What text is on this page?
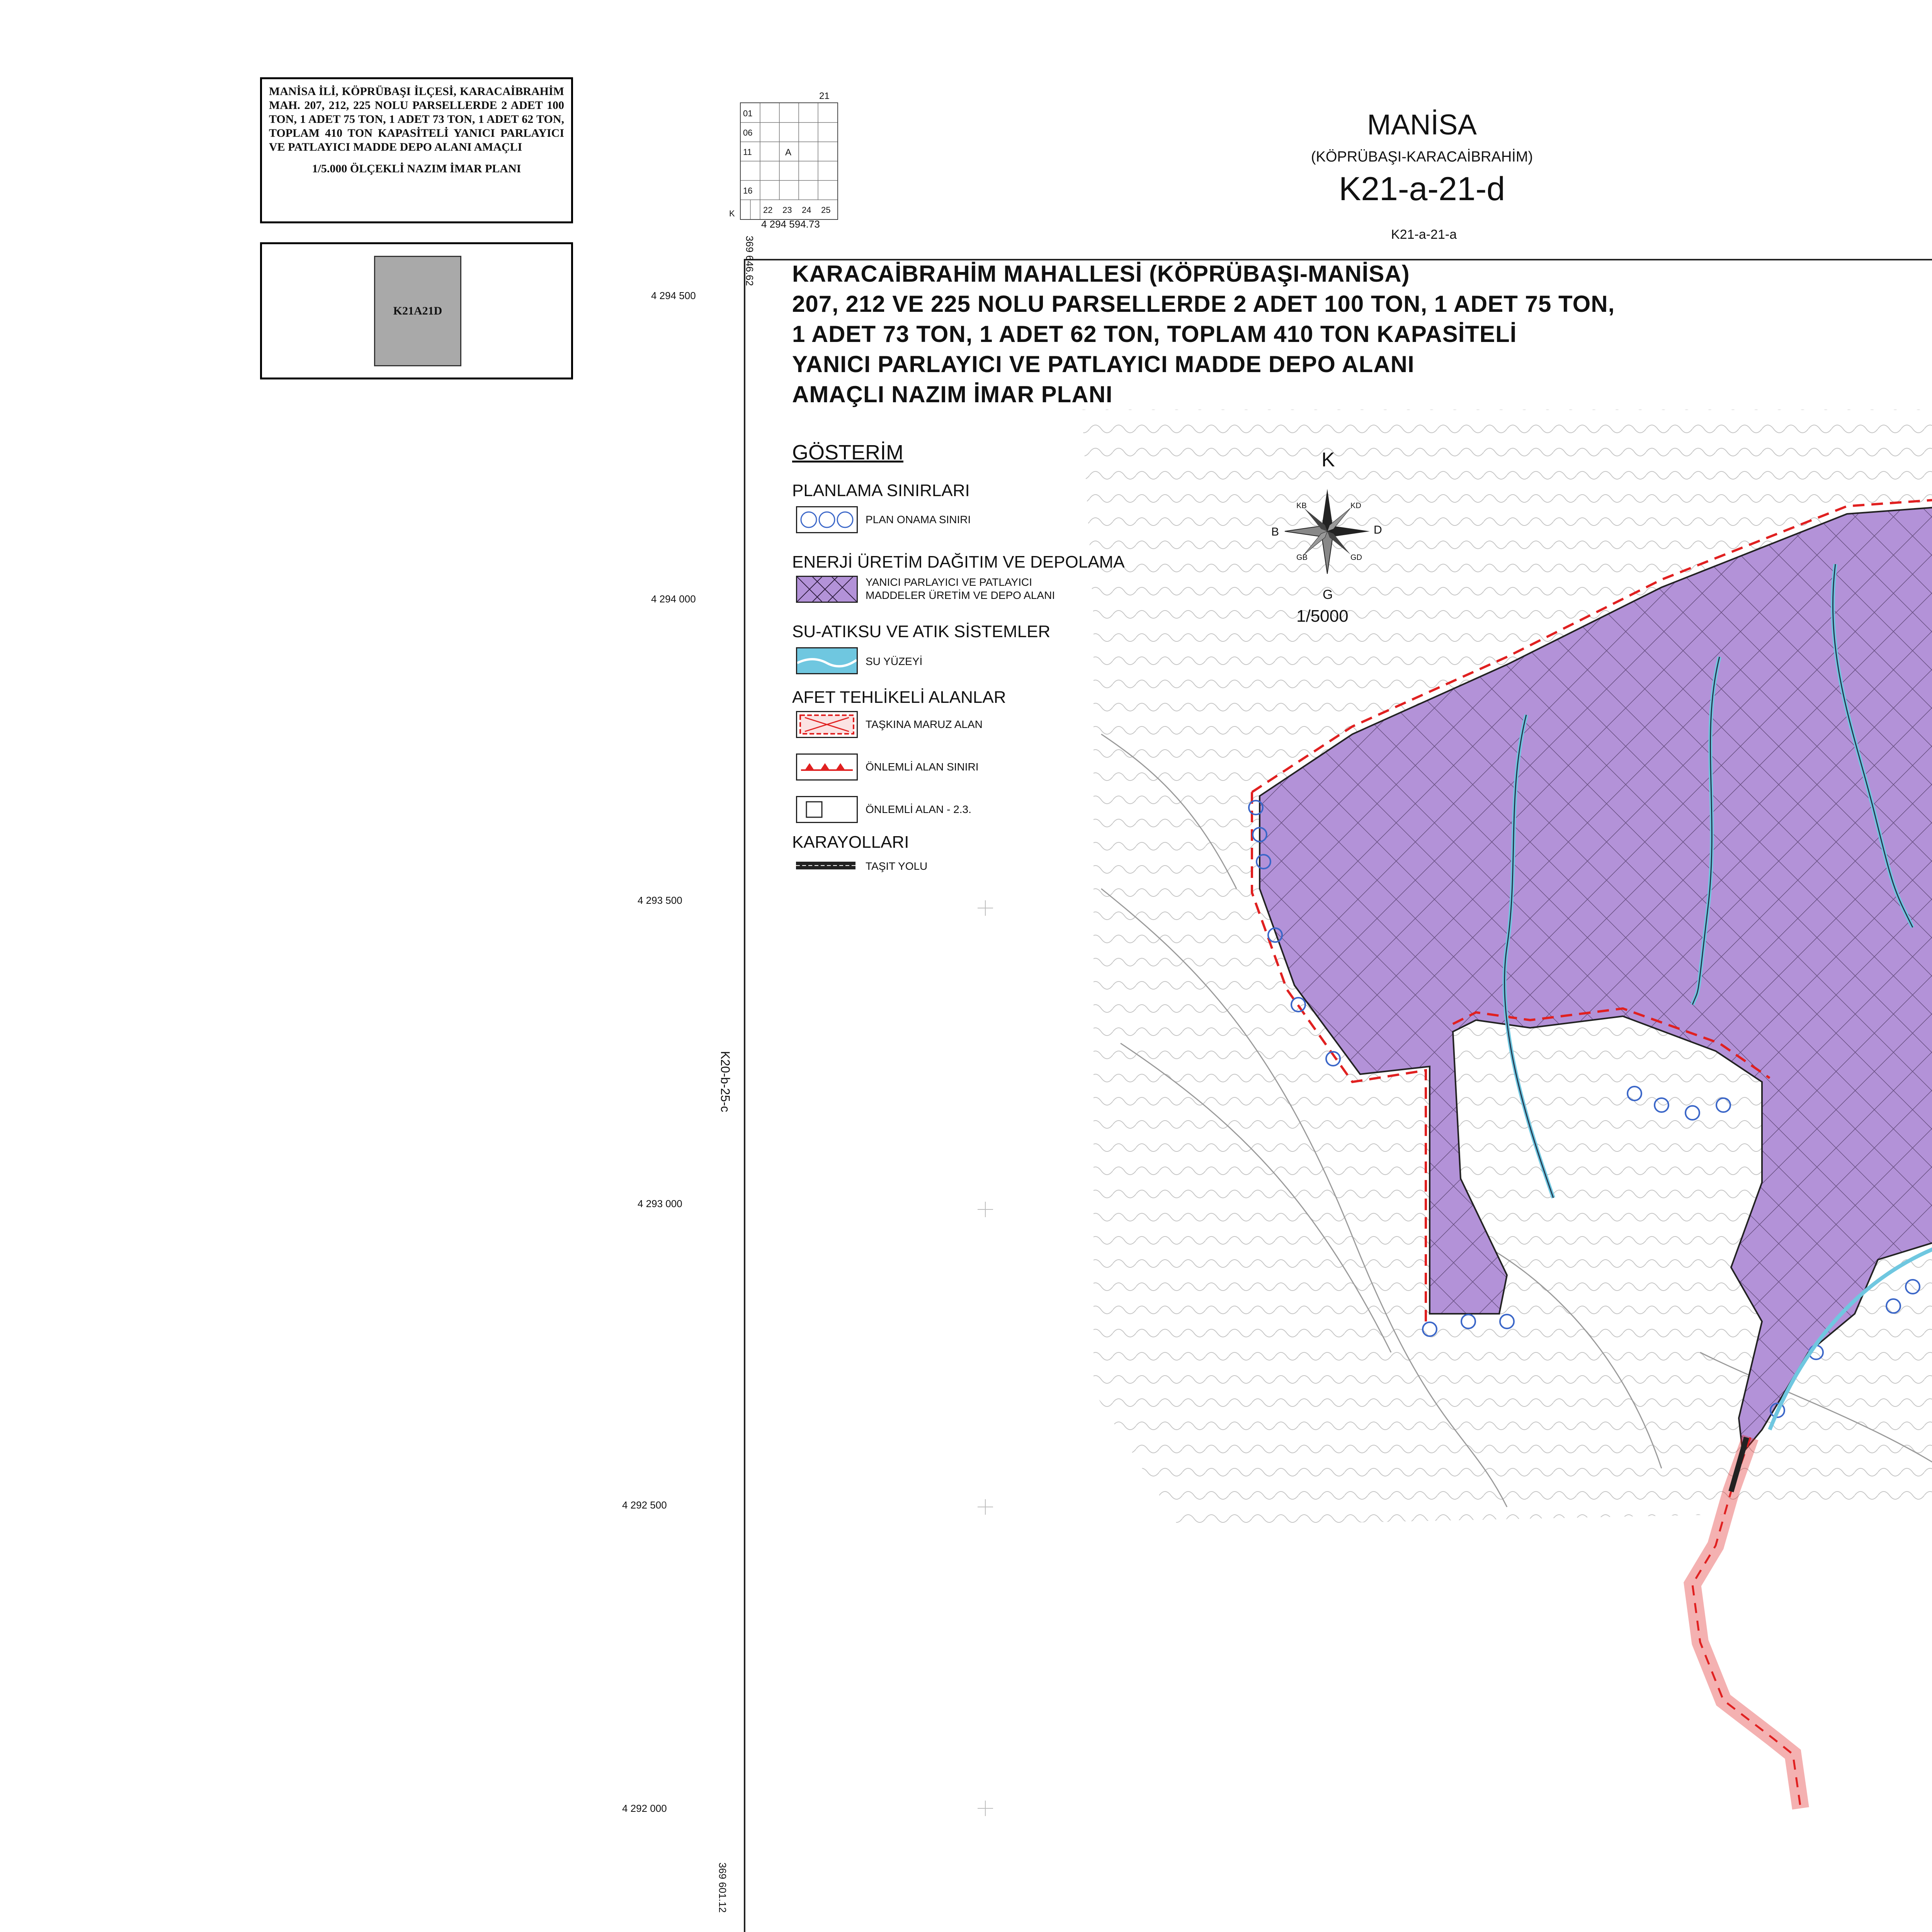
MANİSA İLİ, KÖPRÜBAŞI İLÇESİ, KARACAİBRAHİM MAH. 207, 212, 225 NOLU PARSELLERDE 2 ADET 100 TON, 1 ADET 75 TON, 1 ADET 73 TON, 1 ADET 62 TON, TOPLAM 410 TON KAPASİTELİ YANICI PARLAYICI VE PATLAYICI MADDE DEPO ALANI AMAÇLI
1/5.000 ÖLÇEKLİ NAZIM İMAR PLANI
K21A21D
21
01
06
11
16
A
22 23 24 25
K
MANİSA
(KÖPRÜBAŞI-KARACAİBRAHİM)
K21-a-21-d
K21-a-21-a
KARACAİBRAHİM MAHALLESİ (KÖPRÜBAŞI-MANİSA)
207, 212 VE 225 NOLU PARSELLERDE 2 ADET 100 TON, 1 ADET 75 TON,
1 ADET 73 TON, 1 ADET 62 TON, TOPLAM 410 TON KAPASİTELİ
YANICI PARLAYICI VE PATLAYICI MADDE DEPO ALANI
AMAÇLI NAZIM İMAR PLANI
GÖSTERİM
PLANLAMA SINIRLARI
PLAN ONAMA SINIRI
ENERJİ ÜRETİM DAĞITIM VE DEPOLAMA
YANICI PARLAYICI VE PATLAYICI
MADDELER ÜRETİM VE DEPO ALANI
SU-ATIKSU VE ATIK SİSTEMLER
SU YÜZEYİ
AFET TEHLİKELİ ALANLAR
TAŞKINA MARUZ ALAN
ÖNLEMLİ ALAN SINIRI
ÖNLEMLİ ALAN - 2.3.
KARAYOLLARI
TAŞIT YOLU
K
G
D
B
KD
KB
GD
GB
1/5000
4 294 500
4 294 000
4 293 500
4 293 000
4 292 500
4 292 000
4 294 594.73
369 646.62
369 601.12
K20-b-25-c
